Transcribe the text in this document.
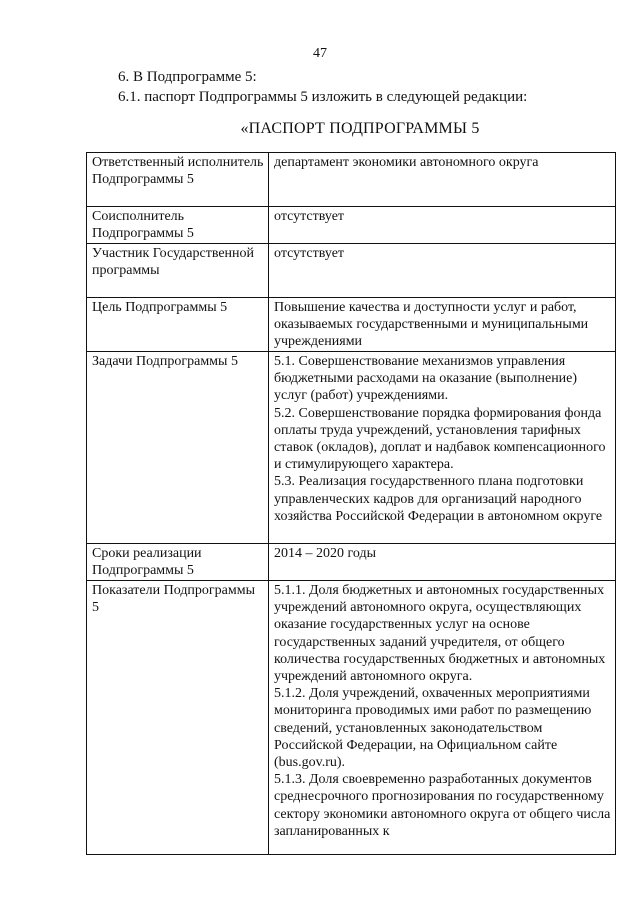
47
6. В Подпрограмме 5:
6.1. паспорт Подпрограммы 5 изложить в следующей редакции:
«ПАСПОРТ ПОДПРОГРАММЫ 5
Ответственный исполнитель Подпрограммы 5	департамент экономики автономного округа

Соисполнитель Подпрограммы 5	отсутствует

Участник Государственной программы	отсутствует

Цель Подпрограммы 5	Повышение качества и доступности услуг и работ, оказываемых государственными и муниципальными учреждениями

Задачи Подпрограммы 5	5.1. Совершенствование механизмов управления бюджетными расходами на оказание (выполнение) услуг (работ) учреждениями.
5.2. Совершенствование порядка формирования фонда оплаты труда учреждений, установления тарифных ставок (окладов), доплат и надбавок компенсационного и стимулирующего характера.
5.3. Реализация государственного плана подготовки управленческих кадров для организаций народного хозяйства Российской Федерации в автономном округе

Сроки реализации Подпрограммы 5	2014 – 2020 годы

Показатели Подпрограммы 5	5.1.1. Доля бюджетных и автономных государственных учреждений автономного округа, осуществляющих оказание государственных услуг на основе государственных заданий учредителя, от общего количества государственных бюджетных и автономных учреждений автономного округа.
5.1.2. Доля учреждений, охваченных мероприятиями мониторинга проводимых ими работ по размещению сведений, установленных законодательством Российской Федерации, на Официальном сайте (bus.gov.ru).
5.1.3. Доля своевременно разработанных документов среднесрочного прогнозирования по государственному сектору экономики автономного округа от общего числа запланированных к
